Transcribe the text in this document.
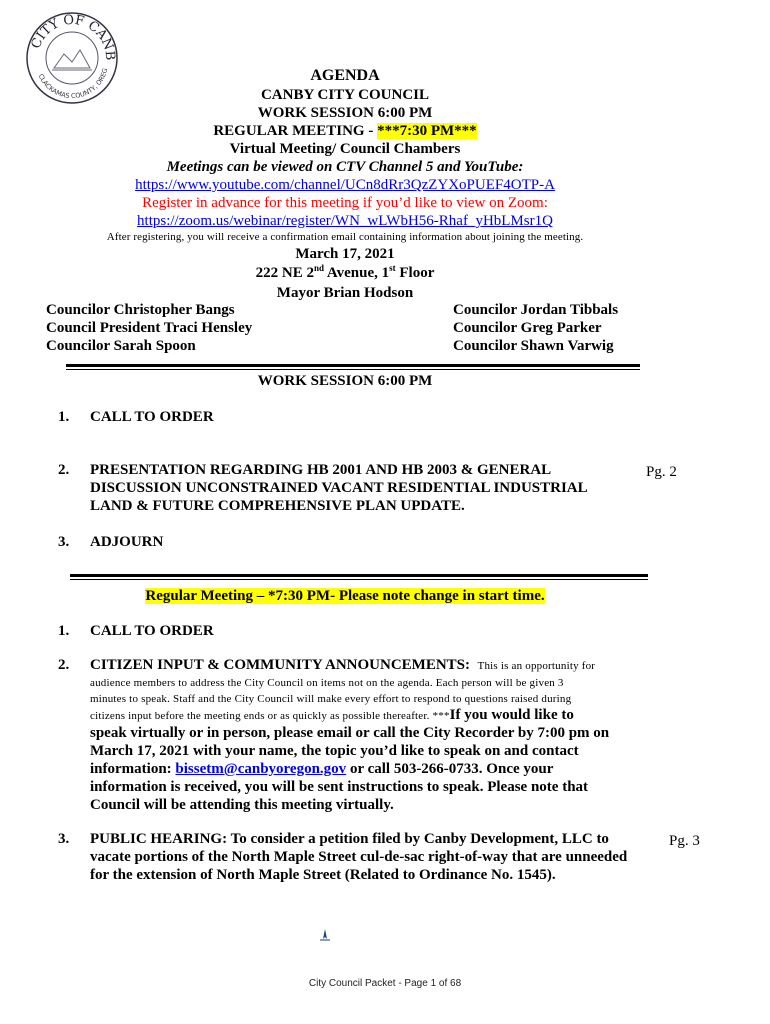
CITY OF CANB
CLACKAMAS COUNTY, OREG	AGENDA
CANBY CITY COUNCIL
WORK SESSION 6:00 PM
REGULAR MEETING - ***7:30 PM***
Virtual Meeting/ Council Chambers
Meetings can be viewed on CTV Channel 5 and YouTube:
https://www.youtube.com/channel/UCn8dRr3QzZYXoPUEF4OTP-A
Register in advance for this meeting if you’d like to view on Zoom:
https://zoom.us/webinar/register/WN_wLWbH56-Rhaf_yHbLMsr1Q
After registering, you will receive a confirmation email containing information about joining the meeting.
March 17, 2021
222 NE 2nd Avenue, 1st Floor
Mayor Brian Hodson
Councilor Christopher Bangs
Council President Traci Hensley
Councilor Sarah Spoon
Councilor Jordan Tibbals
Councilor Greg Parker
Councilor Shawn Varwig
WORK SESSION 6:00 PM
1. CALL TO ORDER
2. PRESENTATION REGARDING HB 2001 AND HB 2003 & GENERAL
DISCUSSION UNCONSTRAINED VACANT RESIDENTIAL INDUSTRIAL
LAND & FUTURE COMPREHENSIVE PLAN UPDATE.
Pg. 2
3. ADJOURN
Regular Meeting – *7:30 PM- Please note change in start time.
1. CALL TO ORDER
2. CITIZEN INPUT & COMMUNITY ANNOUNCEMENTS: This is an opportunity for
audience members to address the City Council on items not on the agenda. Each person will be given 3
minutes to speak. Staff and the City Council will make every effort to respond to questions raised during
citizens input before the meeting ends or as quickly as possible thereafter. ***If you would like to
speak virtually or in person, please email or call the City Recorder by 7:00 pm on
March 17, 2021 with your name, the topic you’d like to speak on and contact
information: bissetm@canbyoregon.gov or call 503-266-0733. Once your
information is received, you will be sent instructions to speak. Please note that
Council will be attending this meeting virtually.
3. PUBLIC HEARING: To consider a petition filed by Canby Development, LLC to
vacate portions of the North Maple Street cul-de-sac right-of-way that are unneeded
for the extension of North Maple Street (Related to Ordinance No. 1545).
Pg. 3
City Council Packet - Page 1 of 68
